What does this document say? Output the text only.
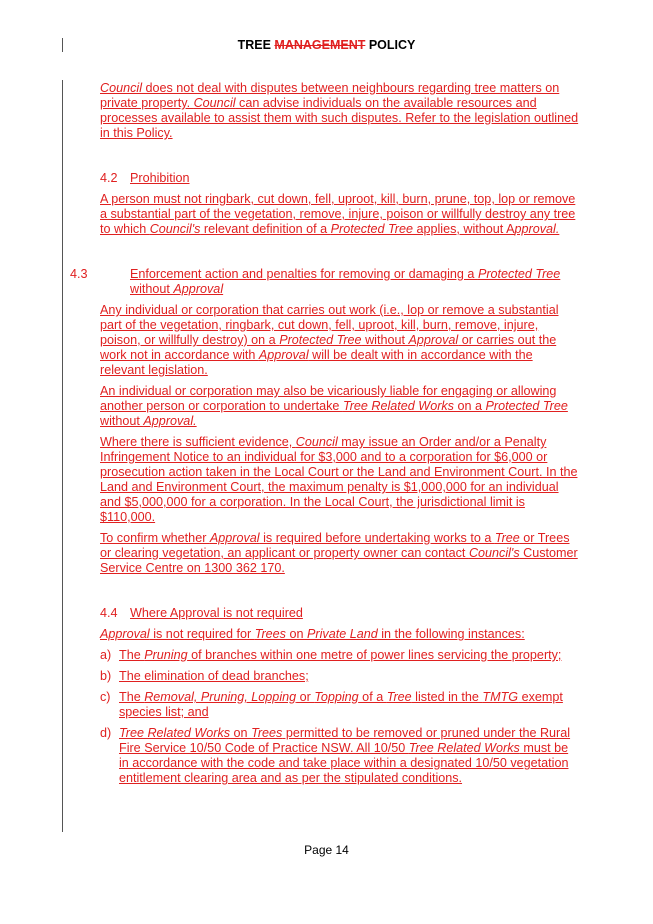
TREE MANAGEMENT POLICY

Council does not deal with disputes between neighbours regarding tree matters on private property. Council can advise individuals on the available resources and processes available to assist them with such disputes. Refer to the legislation outlined in this Policy.

4.2 Prohibition

A person must not ringbark, cut down, fell, uproot, kill, burn, prune, top, lop or remove a substantial part of the vegetation, remove, injure, poison or willfully destroy any tree to which Council's relevant definition of a Protected Tree applies, without Approval.

4.3	Enforcement action and penalties for removing or damaging a Protected Tree without Approval

Any individual or corporation that carries out work (i.e., lop or remove a substantial part of the vegetation, ringbark, cut down, fell, uproot, kill, burn, remove, injure, poison, or willfully destroy) on a Protected Tree without Approval or carries out the work not in accordance with Approval will be dealt with in accordance with the relevant legislation.

An individual or corporation may also be vicariously liable for engaging or allowing another person or corporation to undertake Tree Related Works on a Protected Tree without Approval.

Where there is sufficient evidence, Council may issue an Order and/or a Penalty Infringement Notice to an individual for $3,000 and to a corporation for $6,000 or prosecution action taken in the Local Court or the Land and Environment Court. In the Land and Environment Court, the maximum penalty is $1,000,000 for an individual and $5,000,000 for a corporation. In the Local Court, the jurisdictional limit is $110,000.

To confirm whether Approval is required before undertaking works to a Tree or Trees or clearing vegetation, an applicant or property owner can contact Council's Customer Service Centre on 1300 362 170.

4.4 Where Approval is not required

Approval is not required for Trees on Private Land in the following instances:

a) The Pruning of branches within one metre of power lines servicing the property;

b) The elimination of dead branches;

c) The Removal, Pruning, Lopping or Topping of a Tree listed in the TMTG exempt species list; and

d) Tree Related Works on Trees permitted to be removed or pruned under the Rural Fire Service 10/50 Code of Practice NSW. All 10/50 Tree Related Works must be in accordance with the code and take place within a designated 10/50 vegetation entitlement clearing area and as per the stipulated conditions.

Page 14
